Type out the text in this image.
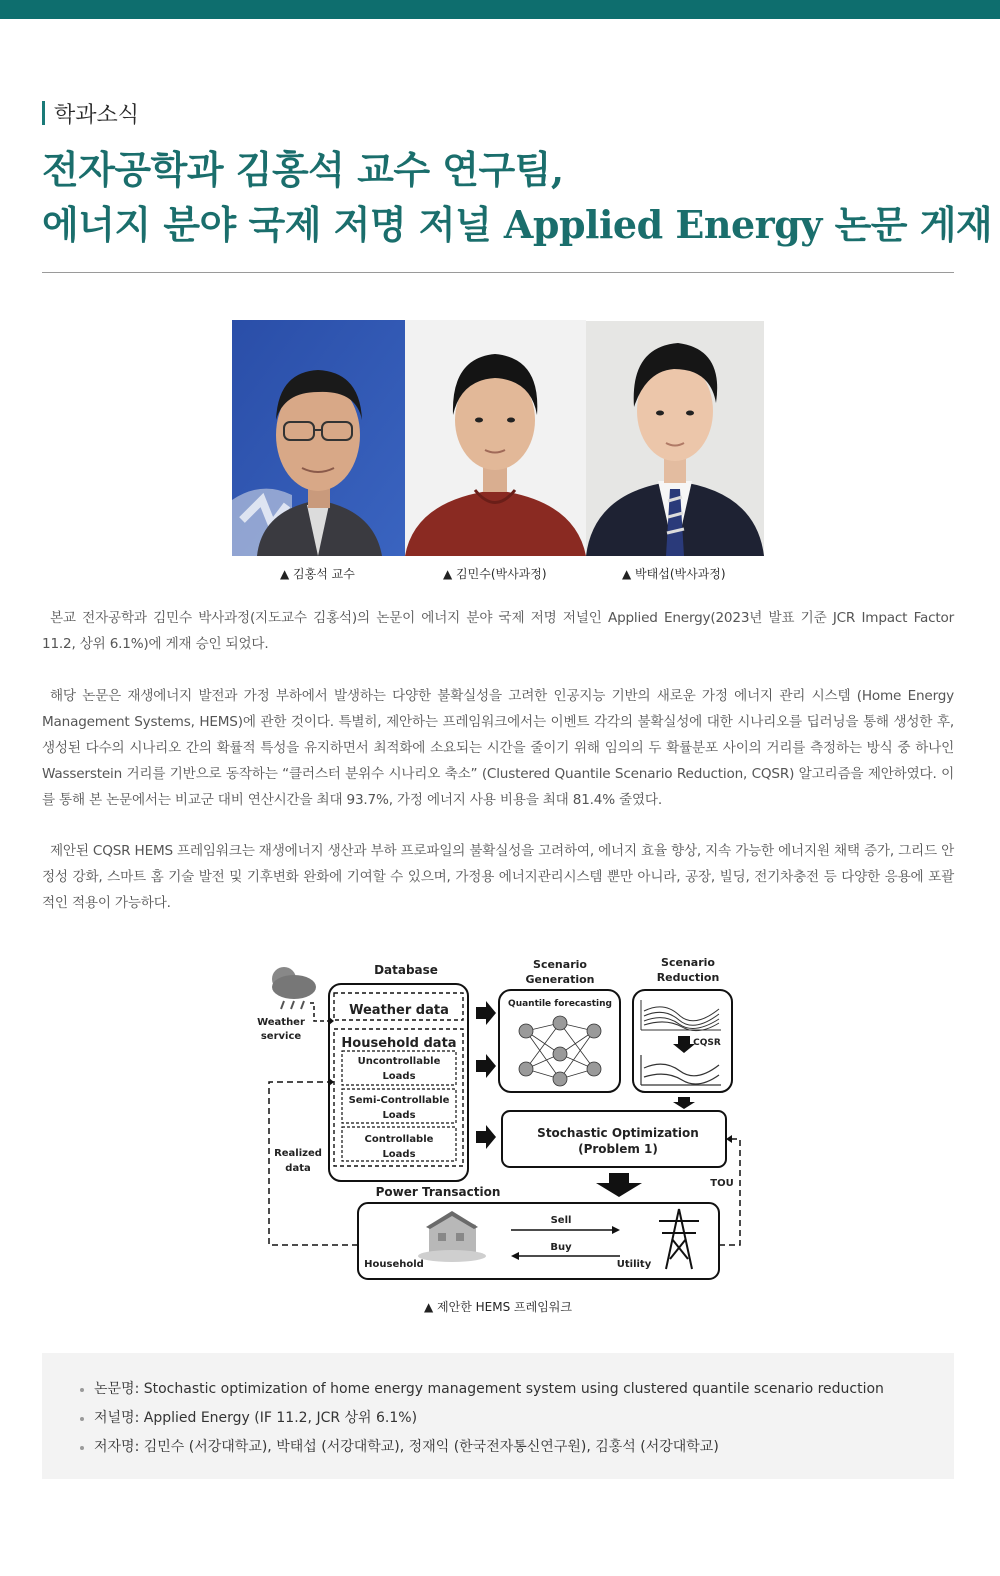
학과소식
전자공학과 김홍석 교수 연구팀,
에너지 분야 국제 저명 저널 Applied Energy 논문 게재
▲ 김홍석 교수	▲ 김민수(박사과정)	▲ 박태섭(박사과정)

본교 전자공학과 김민수 박사과정(지도교수 김홍석)의 논문이 에너지 분야 국제 저명 저널인 Applied Energy(2023년 발표 기준 JCR Impact Factor 11.2, 상위 6.1%)에 게재 승인 되었다.

해당 논문은 재생에너지 발전과 가정 부하에서 발생하는 다양한 불확실성을 고려한 인공지능 기반의 새로운 가정 에너지 관리 시스템 (Home Energy Management Systems, HEMS)에 관한 것이다. 특별히, 제안하는 프레임워크에서는 이벤트 각각의 불확실성에 대한 시나리오를 딥러닝을 통해 생성한 후, 생성된 다수의 시나리오 간의 확률적 특성을 유지하면서 최적화에 소요되는 시간을 줄이기 위해 임의의 두 확률분포 사이의 거리를 측정하는 방식 중 하나인 Wasserstein 거리를 기반으로 동작하는 “클러스터 분위수 시나리오 축소” (Clustered Quantile Scenario Reduction, CQSR) 알고리즘을 제안하였다. 이를 통해 본 논문에서는 비교군 대비 연산시간을 최대 93.7%, 가정 에너지 사용 비용을 최대 81.4% 줄였다.

제안된 CQSR HEMS 프레임워크는 재생에너지 생산과 부하 프로파일의 불확실성을 고려하여, 에너지 효율 향상, 지속 가능한 에너지원 채택 증가, 그리드 안정성 강화, 스마트 홈 기술 발전 및 기후변화 완화에 기여할 수 있으며, 가정용 에너지관리시스템 뿐만 아니라, 공장, 빌딩, 전기차충전 등 다양한 응용에 포괄적인 적용이 가능하다.

Weather
service
Database
Weather data
Household data
Uncontrollable
Loads
Semi-Controllable
Loads
Controllable
Loads
Scenario
Generation
Quantile forecasting
Scenario
Reduction
CQSR
Stochastic Optimization
(Problem 1)
Realized
data
TOU
Power Transaction
Household
Sell
Buy
Utility
▲ 제안한 HEMS 프레임워크
논문명: Stochastic optimization of home energy management system using clustered quantile scenario reduction
저널명: Applied Energy (IF 11.2, JCR 상위 6.1%)
저자명: 김민수 (서강대학교), 박태섭 (서강대학교), 정재익 (한국전자통신연구원), 김홍석 (서강대학교)
